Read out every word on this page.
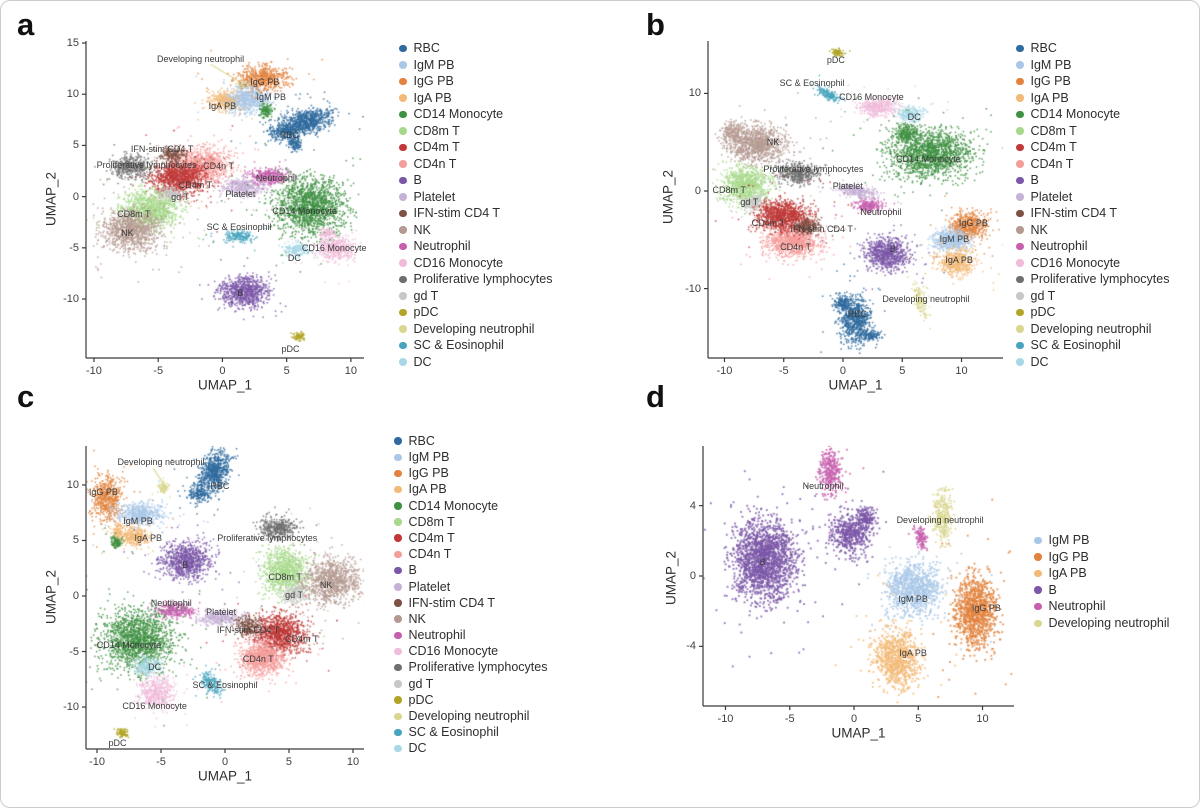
a
-10	-5	0	5	10
15
10
5
0
-5
-10
UMAP_1
UMAP_2
Developing neutrophil
IgG PB
IgM PB
IgA PB
RBC
IFN-stim CD4 T
Proliferative lymphocytes CD4n T
CD4m T
gd T
CD8m T
NK
Platelet
Neutrophil
CD14 Monocyte
SC & Eosinophil
CD16 Monocyte
DC
B
pDC
RBC
IgM PB
IgG PB
IgA PB
CD14 Monocyte
CD8m T
CD4m T
CD4n T
B
Platelet
IFN-stim CD4 T
NK
Neutrophil
CD16 Monocyte
Proliferative lymphocytes
gd T
pDC
Developing neutrophil
SC & Eosinophil
DC
b
-10	-5	0	5	10
10
0
-10
UMAP_1
UMAP_2
pDC
SC & Eosinophil
CD16 Monocyte
DC
NK
CD14 Monocyte
Proliferative lymphocytes
CD8m T
gd T
Platelet
Neutrophil
CD4m T
IFN-stim CD4 T
CD4n T	B
IgG PB
IgM PB
IgA PB
Developing neutrophil
RBC
RBC
IgM PB
IgG PB
IgA PB
CD14 Monocyte
CD8m T
CD4m T
CD4n T
B
Platelet
IFN-stim CD4 T
NK
Neutrophil
CD16 Monocyte
Proliferative lymphocytes
gd T
pDC
Developing neutrophil
SC & Eosinophil
DC
c
-10	-5	0	5	10
10
5
0
-5
-10
UMAP_1
UMAP_2
Developing neutrophil
RBC
IgG PB
IgM PB
IgA PB
B
Proliferative lymphocytes
CD8m T
NK
gd T
Neutrophil
Platelet
IFN-stim CD4 T
CD4m T
CD4n T
CD14 Monocyte
DC
SC & Eosinophil
CD16 Monocyte
pDC
RBC
IgM PB
IgG PB
IgA PB
CD14 Monocyte
CD8m T
CD4m T
CD4n T
B
Platelet
IFN-stim CD4 T
NK
Neutrophil
CD16 Monocyte
Proliferative lymphocytes
gd T
pDC
Developing neutrophil
SC & Eosinophil
DC
d
-10	-5	0	5	10
4
0
-4
UMAP_1
UMAP_2
Neutrophil
B
Developing neutrophil
IgM PB
IgG PB
IgA PB
IgM PB
IgG PB
IgA PB
B
Neutrophil
Developing neutrophil
